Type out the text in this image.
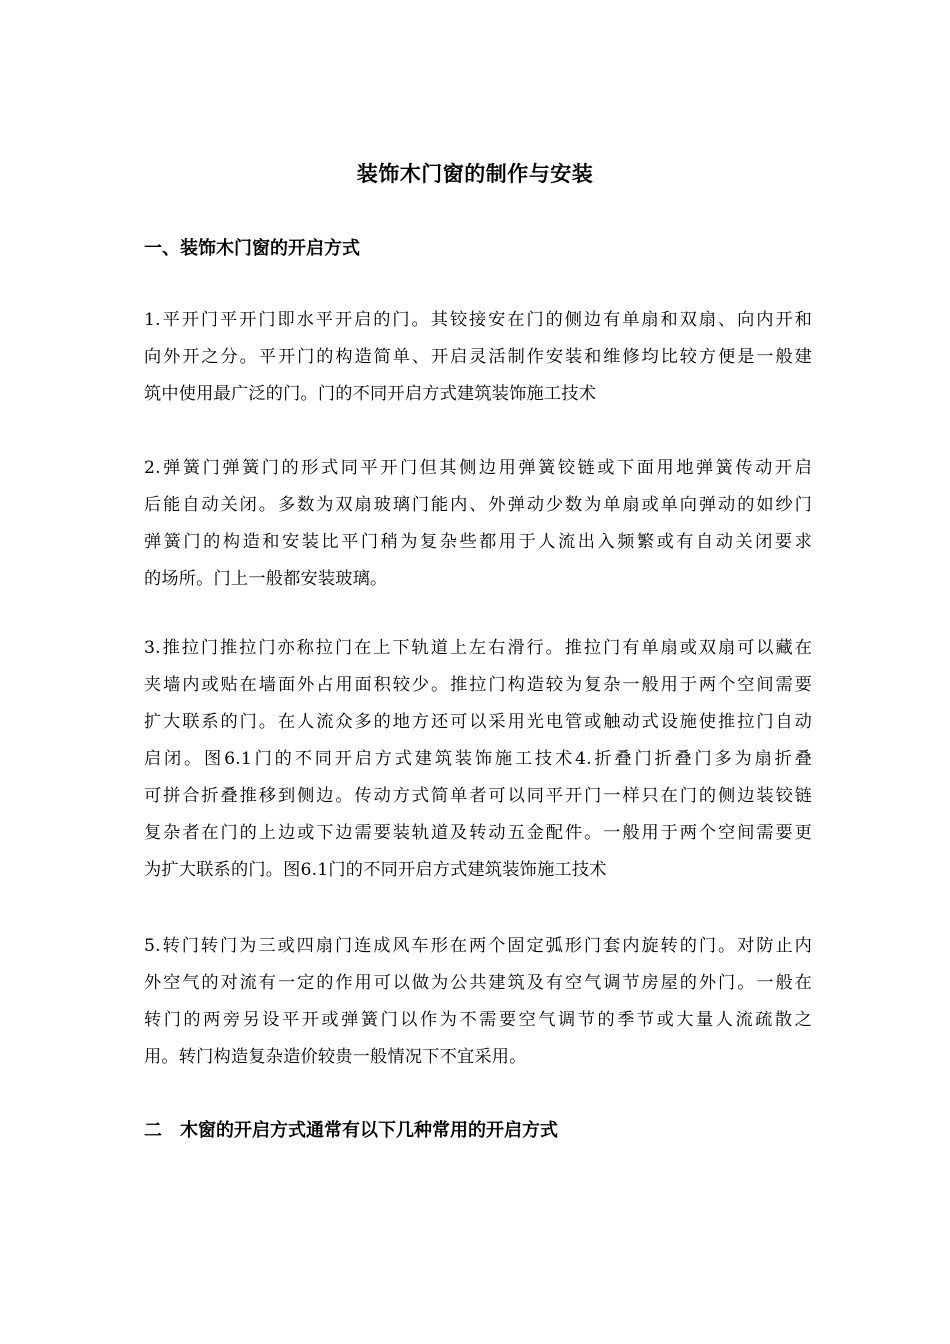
装饰木门窗的制作与安装
一、装饰木门窗的开启方式
1.平开门平开门即水平开启的门。其铰接安在门的侧边有单扇和双扇、向内开和
向外开之分。平开门的构造简单、开启灵活制作安装和维修均比较方便是一般建
筑中使用最广泛的门。门的不同开启方式建筑装饰施工技术
2.弹簧门弹簧门的形式同平开门但其侧边用弹簧铰链或下面用地弹簧传动开启
后能自动关闭。多数为双扇玻璃门能内、外弹动少数为单扇或单向弹动的如纱门
弹簧门的构造和安装比平门稍为复杂些都用于人流出入频繁或有自动关闭要求
的场所。门上一般都安装玻璃。
3.推拉门推拉门亦称拉门在上下轨道上左右滑行。推拉门有单扇或双扇可以藏在
夹墙内或贴在墙面外占用面积较少。推拉门构造较为复杂一般用于两个空间需要
扩大联系的门。在人流众多的地方还可以采用光电管或触动式设施使推拉门自动
启闭。图6.1门的不同开启方式建筑装饰施工技术4.折叠门折叠门多为扇折叠
可拼合折叠推移到侧边。传动方式简单者可以同平开门一样只在门的侧边装铰链
复杂者在门的上边或下边需要装轨道及转动五金配件。一般用于两个空间需要更
为扩大联系的门。图6.1门的不同开启方式建筑装饰施工技术
5.转门转门为三或四扇门连成风车形在两个固定弧形门套内旋转的门。对防止内
外空气的对流有一定的作用可以做为公共建筑及有空气调节房屋的外门。一般在
转门的两旁另设平开或弹簧门以作为不需要空气调节的季节或大量人流疏散之
用。转门构造复杂造价较贵一般情况下不宜采用。
二　木窗的开启方式通常有以下几种常用的开启方式
